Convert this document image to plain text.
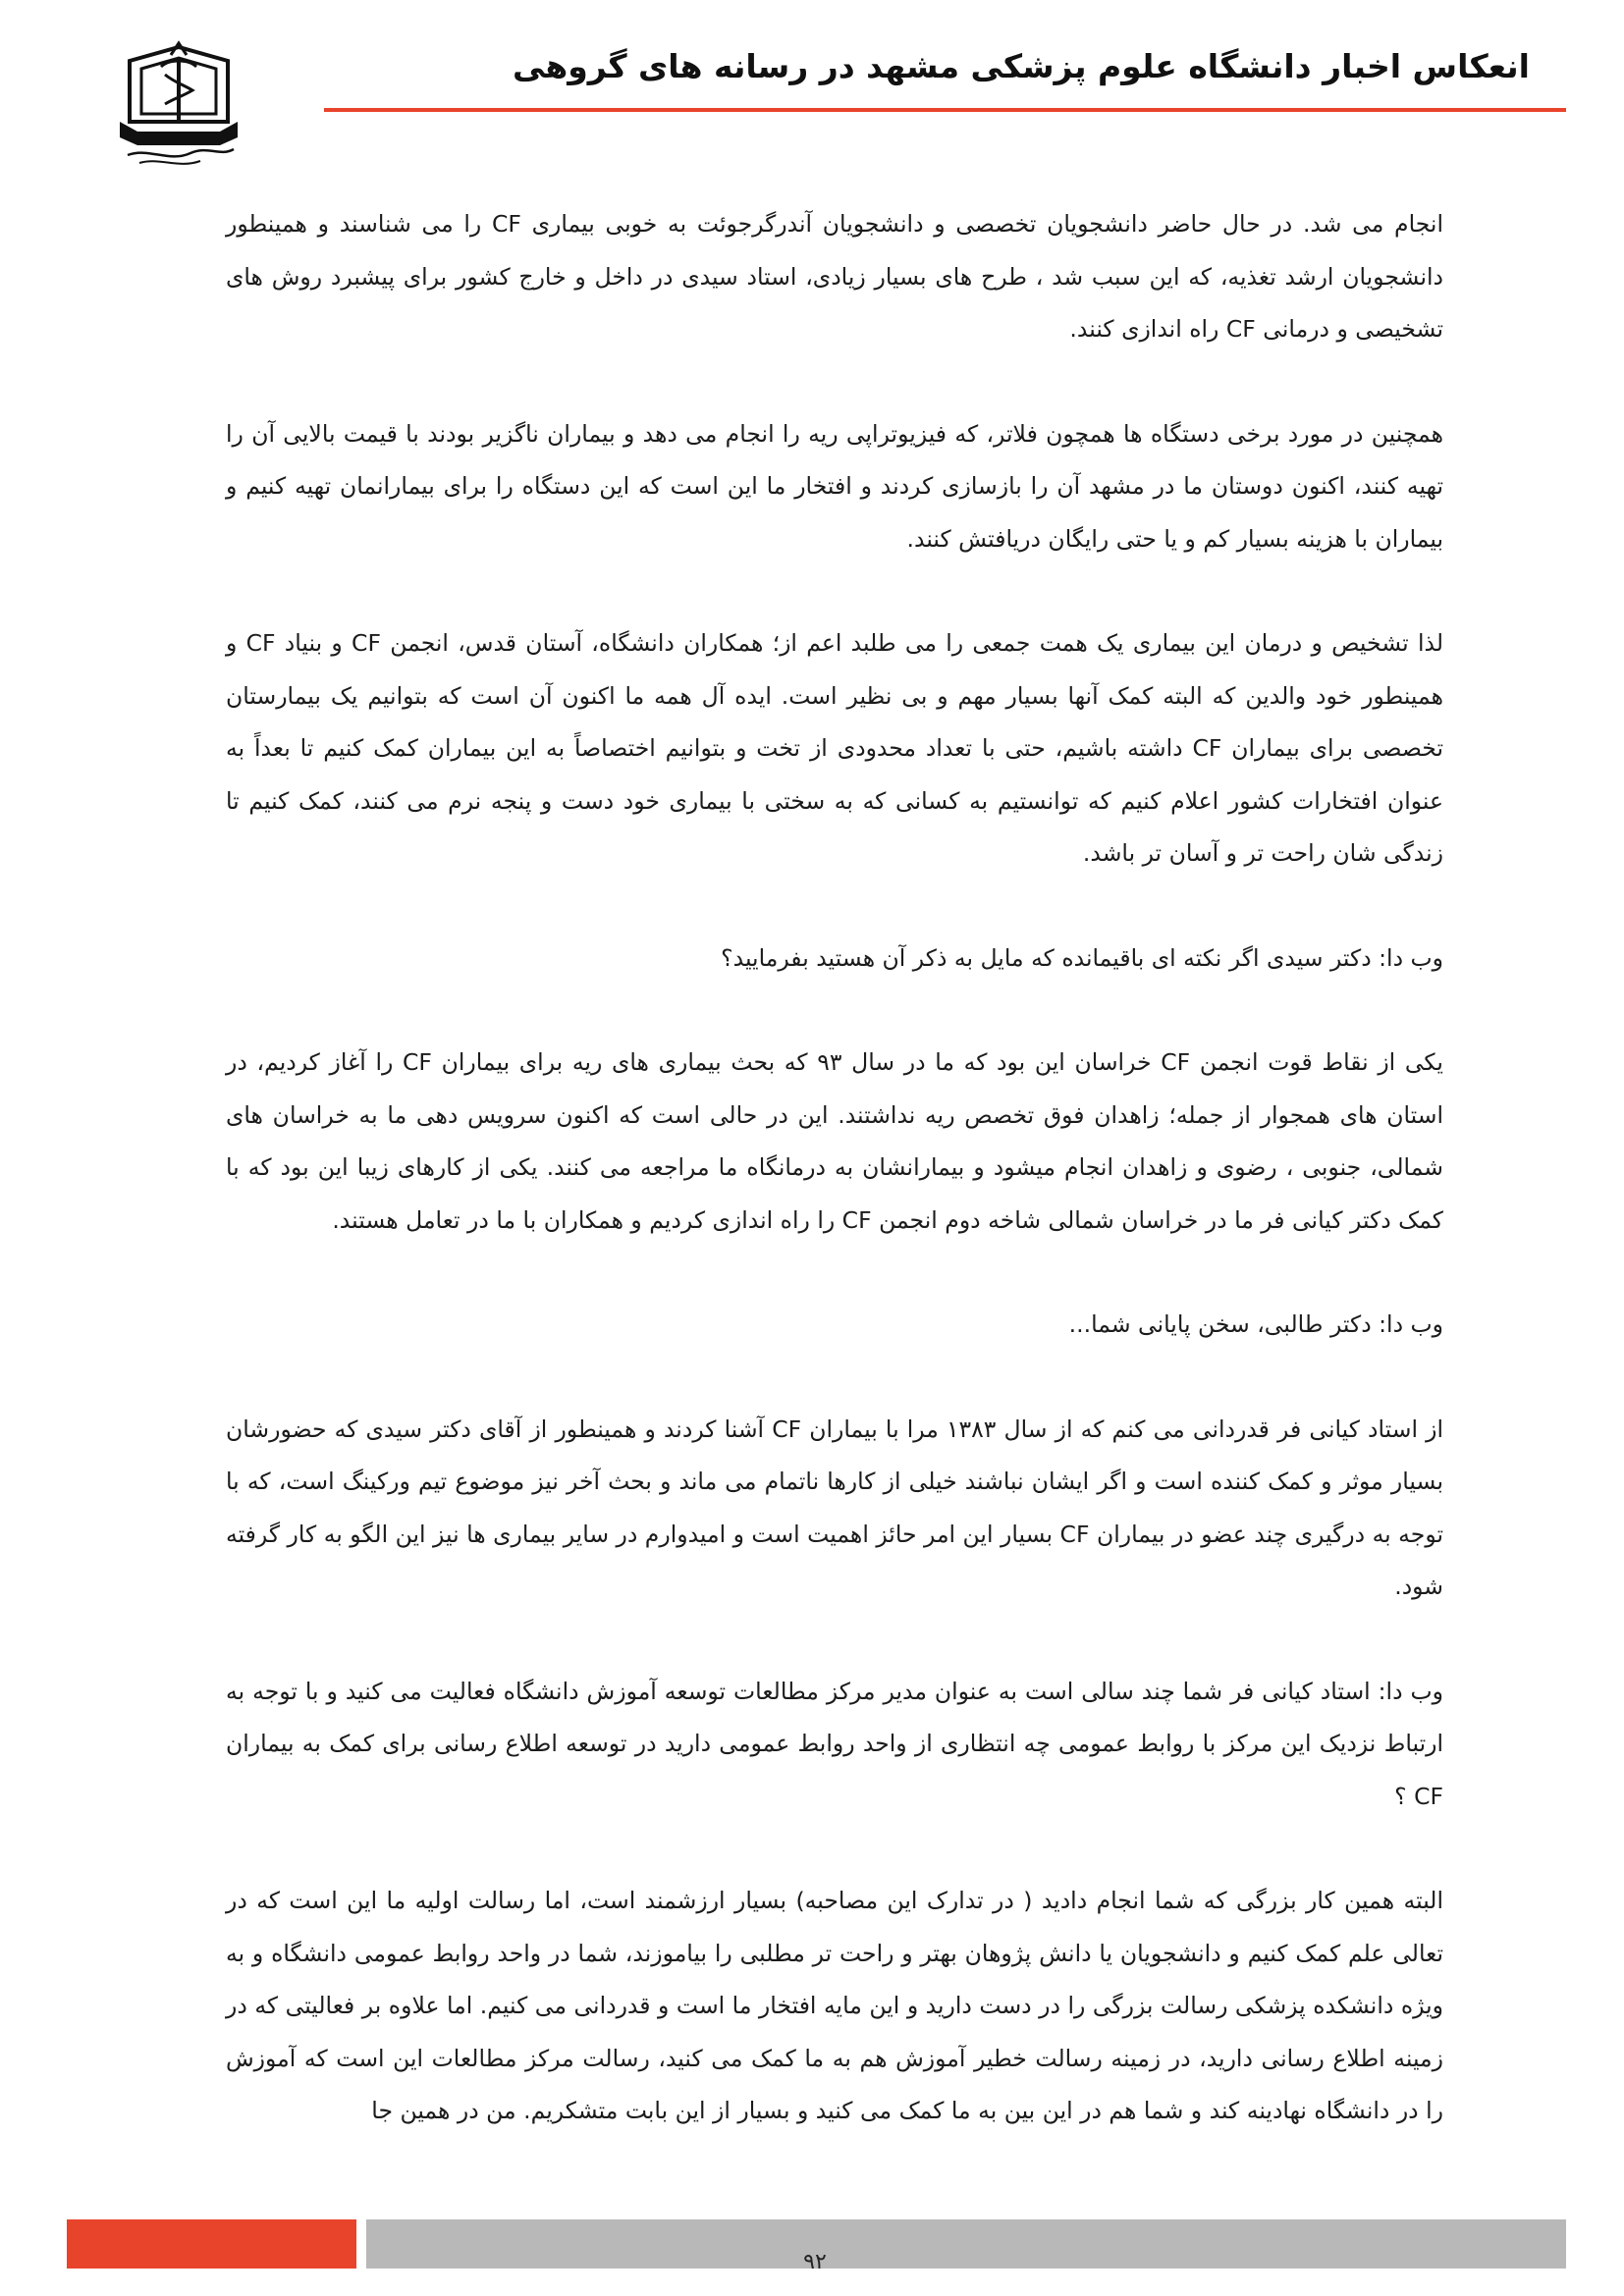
انعکاس اخبار دانشگاه علوم پزشکی مشهد در رسانه های گروهی

انجام می شد. در حال حاضر دانشجویان تخصصی و دانشجویان آندرگرجوئت به خوبی بیماری CF را می شناسند و همینطور دانشجویان ارشد تغذیه، که این سبب شد ، طرح های بسیار زیادی، استاد سیدی در داخل و خارج کشور برای پیشبرد روش های تشخیصی و درمانی CF راه اندازی کنند.

همچنین در مورد برخی دستگاه ها همچون فلاتر، که فیزیوتراپی ریه را انجام می دهد و بیماران ناگزیر بودند با قیمت بالایی آن را تهیه کنند، اکنون دوستان ما در مشهد آن را بازسازی کردند و افتخار ما این است که این دستگاه را برای بیمارانمان تهیه کنیم و بیماران با هزینه بسیار کم و یا حتی رایگان دریافتش کنند.

لذا تشخیص و درمان این بیماری یک همت جمعی را می طلبد اعم از؛ همکاران دانشگاه، آستان قدس، انجمن CF و بنیاد CF و همینطور خود والدین که البته کمک آنها بسیار مهم و بی نظیر است. ایده آل همه ما اکنون آن است که بتوانیم یک بیمارستان تخصصی برای بیماران CF داشته باشیم، حتی با تعداد محدودی از تخت و بتوانیم اختصاصاً به این بیماران کمک کنیم تا بعداً به عنوان افتخارات کشور اعلام کنیم که توانستیم به کسانی که به سختی با بیماری خود دست و پنجه نرم می کنند، کمک کنیم تا زندگی شان راحت تر و آسان تر باشد.

وب دا: دکتر سیدی اگر نکته ای باقیمانده که مایل به ذکر آن هستید بفرمایید؟

یکی از نقاط قوت انجمن CF خراسان این بود که ما در سال ۹۳ که بحث بیماری های ریه برای بیماران CF را آغاز کردیم، در استان های همجوار از جمله؛ زاهدان فوق تخصص ریه نداشتند. این در حالی است که اکنون سرویس دهی ما به خراسان های شمالی، جنوبی ، رضوی و زاهدان انجام میشود و بیمارانشان به درمانگاه ما مراجعه می کنند. یکی از کارهای زیبا این بود که با کمک دکتر کیانی فر ما در خراسان شمالی شاخه دوم انجمن CF را راه اندازی کردیم و همکاران با ما در تعامل هستند.

وب دا: دکتر طالبی، سخن پایانی شما...

از استاد کیانی فر قدردانی می کنم که از سال ۱۳۸۳ مرا با بیماران CF آشنا کردند و همینطور از آقای دکتر سیدی که حضورشان بسیار موثر و کمک کننده است و اگر ایشان نباشند خیلی از کارها ناتمام می ماند و بحث آخر نیز موضوع تیم ورکینگ است، که با توجه به درگیری چند عضو در بیماران CF بسیار این امر حائز اهمیت است و امیدوارم در سایر بیماری ها نیز این الگو به کار گرفته شود.

وب دا: استاد کیانی فر شما چند سالی است به عنوان مدیر مرکز مطالعات توسعه آموزش دانشگاه فعالیت می کنید و با توجه به ارتباط نزدیک این مرکز با روابط عمومی چه انتظاری از واحد روابط عمومی دارید در توسعه اطلاع رسانی برای کمک به بیماران CF ؟

البته همین کار بزرگی که شما انجام دادید ( در تدارک این مصاحبه) بسیار ارزشمند است، اما رسالت اولیه ما این است که در تعالی علم کمک کنیم و دانشجویان یا دانش پژوهان بهتر و راحت تر مطلبی را بیاموزند، شما در واحد روابط عمومی دانشگاه و به ویژه دانشکده پزشکی رسالت بزرگی را در دست دارید و این مایه افتخار ما است و قدردانی می کنیم. اما علاوه بر فعالیتی که در زمینه اطلاع رسانی دارید، در زمینه رسالت خطیر آموزش هم به ما کمک می کنید، رسالت مرکز مطالعات این است که آموزش را در دانشگاه نهادینه کند و شما هم در این بین به ما کمک می کنید و بسیار از این بابت متشکریم. من در همین جا

۹۲
